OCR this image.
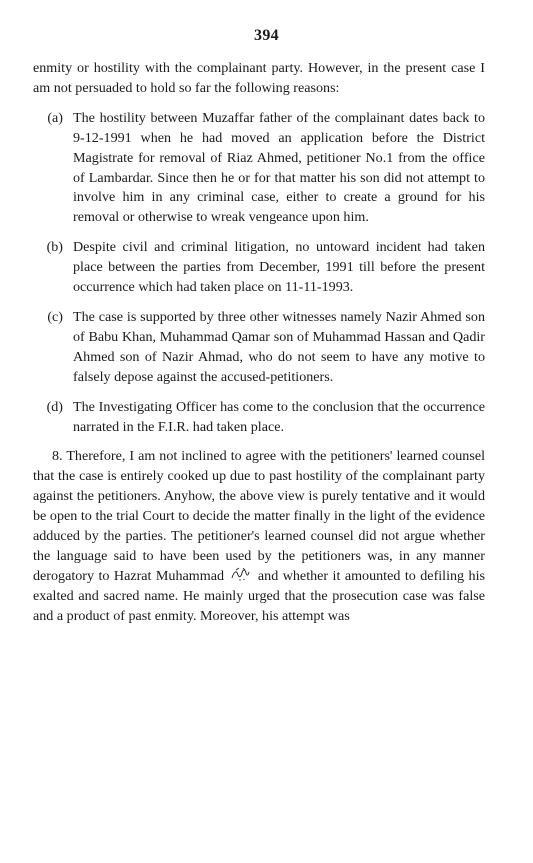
394

enmity or hostility with the complainant party. However, in the present case I am not persuaded to hold so far the following reasons:

(a) The hostility between Muzaffar father of the complainant dates back to 9-12-1991 when he had moved an application before the District Magistrate for removal of Riaz Ahmed, petitioner No.1 from the office of Lambardar. Since then he or for that matter his son did not attempt to involve him in any criminal case, either to create a ground for his removal or otherwise to wreak vengeance upon him.
(b) Despite civil and criminal litigation, no untoward incident had taken place between the parties from December, 1991 till before the present occurrence which had taken place on 11-11-1993.
(c) The case is supported by three other witnesses namely Nazir Ahmed son of Babu Khan, Muhammad Qamar son of Muhammad Hassan and Qadir Ahmed son of Nazir Ahmad, who do not seem to have any motive to falsely depose against the accused-petitioners.
(d) The Investigating Officer has come to the conclusion that the occurrence narrated in the F.I.R. had taken place.

8. Therefore, I am not inclined to agree with the petitioners' learned counsel that the case is entirely cooked up due to past hostility of the complainant party against the petitioners. Anyhow, the above view is purely tentative and it would be open to the trial Court to decide the matter finally in the light of the evidence adduced by the parties. The petitioner's learned counsel did not argue whether the language said to have been used by the petitioners was, in any manner derogatory to Hazrat Muhammad  and whether it amounted to defiling his exalted and sacred name. He mainly urged that the prosecution case was false and a product of past enmity. Moreover, his attempt was
